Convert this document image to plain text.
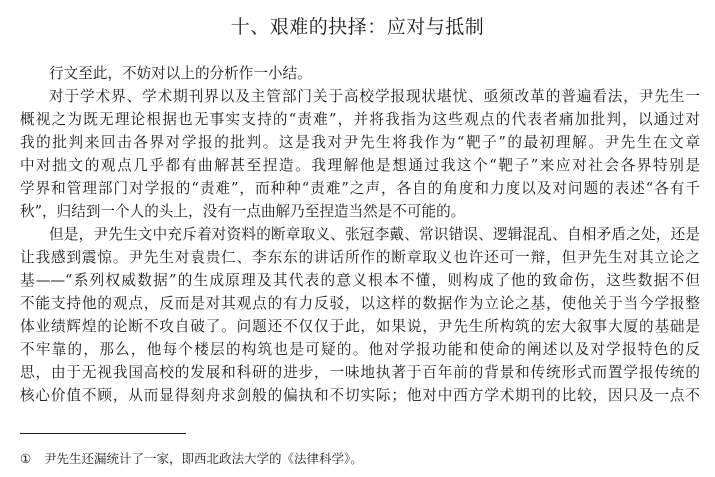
十、艰难的抉择：应对与抵制
行文至此，不妨对以上的分析作一小结。
对于学术界、学术期刊界以及主管部门关于高校学报现状堪忧、亟须改革的普遍看法，尹先生一
概视之为既无理论根据也无事实支持的“责难”，并将我指为这些观点的代表者痛加批判，以通过对
我的批判来回击各界对学报的批判。这是我对尹先生将我作为“靶子”的最初理解。尹先生在文章
中对拙文的观点几乎都有曲解甚至捏造。我理解他是想通过我这个“靶子”来应对社会各界特别是
学界和管理部门对学报的“责难”，而种种“责难”之声，各自的角度和力度以及对问题的表述“各有千
秋”，归结到一个人的头上，没有一点曲解乃至捏造当然是不可能的。
但是，尹先生文中充斥着对资料的断章取义、张冠李戴、常识错误、逻辑混乱、自相矛盾之处，还是
让我感到震惊。尹先生对袁贵仁、李东东的讲话所作的断章取义也许还可一辩，但尹先生对其立论之
基——“系列权威数据”的生成原理及其代表的意义根本不懂，则构成了他的致命伤，这些数据不但
不能支持他的观点，反而是对其观点的有力反驳，以这样的数据作为立论之基，使他关于当今学报整
体业绩辉煌的论断不攻自破了。问题还不仅仅于此，如果说，尹先生所构筑的宏大叙事大厦的基础是
不牢靠的，那么，他每个楼层的构筑也是可疑的。他对学报功能和使命的阐述以及对学报特色的反
思，由于无视我国高校的发展和科研的进步，一味地执著于百年前的背景和传统形式而置学报传统的
核心价值不顾，从而显得刻舟求剑般的偏执和不切实际；他对中西方学术期刊的比较，因只及一点不
① 尹先生还漏统计了一家，即西北政法大学的《法律科学》。
